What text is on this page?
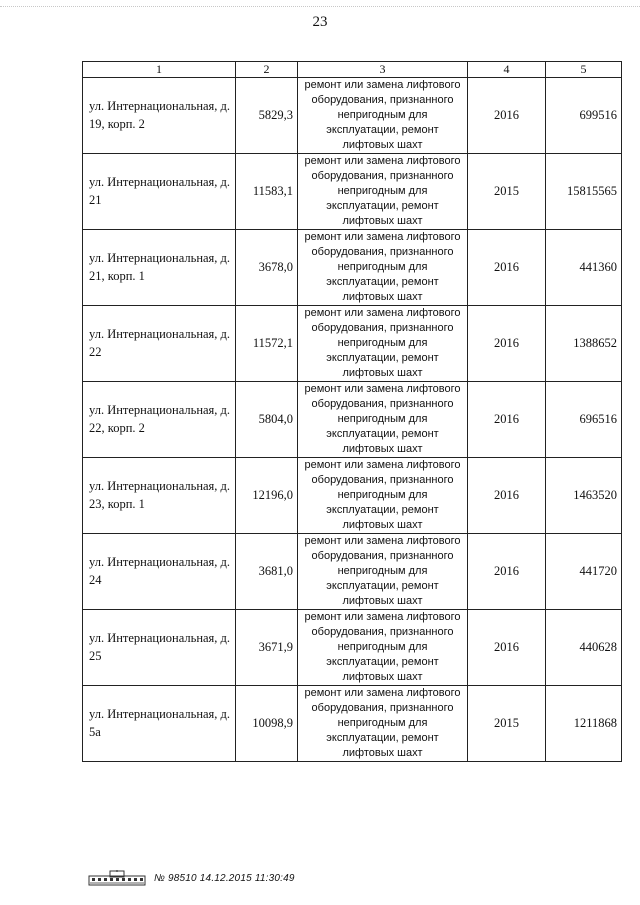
23
1	2	3	4	5
ул. Интернациональная, д. 19, корп. 2	5829,3	ремонт или замена лифтового оборудования, признанного непригодным для эксплуатации, ремонт лифтовых шахт	2016	699516
ул. Интернациональная, д. 21	11583,1	ремонт или замена лифтового оборудования, признанного непригодным для эксплуатации, ремонт лифтовых шахт	2015	15815565
ул. Интернациональная, д. 21, корп. 1	3678,0	ремонт или замена лифтового оборудования, признанного непригодным для эксплуатации, ремонт лифтовых шахт	2016	441360
ул. Интернациональная, д. 22	11572,1	ремонт или замена лифтового оборудования, признанного непригодным для эксплуатации, ремонт лифтовых шахт	2016	1388652
ул. Интернациональная, д. 22, корп. 2	5804,0	ремонт или замена лифтового оборудования, признанного непригодным для эксплуатации, ремонт лифтовых шахт	2016	696516
ул. Интернациональная, д. 23, корп. 1	12196,0	ремонт или замена лифтового оборудования, признанного непригодным для эксплуатации, ремонт лифтовых шахт	2016	1463520
ул. Интернациональная, д. 24	3681,0	ремонт или замена лифтового оборудования, признанного непригодным для эксплуатации, ремонт лифтовых шахт	2016	441720
ул. Интернациональная, д. 25	3671,9	ремонт или замена лифтового оборудования, признанного непригодным для эксплуатации, ремонт лифтовых шахт	2016	440628
ул. Интернациональная, д. 5а	10098,9	ремонт или замена лифтового оборудования, признанного непригодным для эксплуатации, ремонт лифтовых шахт	2015	1211868
№ 98510 14.12.2015 11:30:49
